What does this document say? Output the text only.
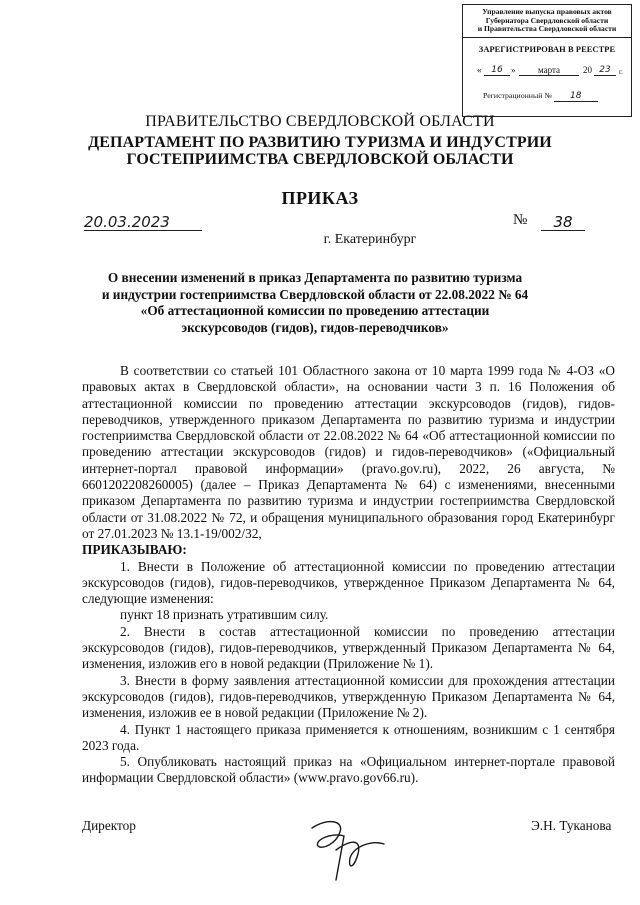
Управление выпуска правовых актов
Губернатора Свердловской области
и Правительства Свердловской области
ЗАРЕГИСТРИРОВАН В РЕЕСТРЕ
«	16 »	марта	20 23	г.
Регистрационный № 18
ПРАВИТЕЛЬСТВО СВЕРДЛОВСКОЙ ОБЛАСТИ
ДЕПАРТАМЕНТ ПО РАЗВИТИЮ ТУРИЗМА И ИНДУСТРИИ
ГОСТЕПРИИМСТВА СВЕРДЛОВСКОЙ ОБЛАСТИ
ПРИКАЗ
20.03.2023	№	38
г. Екатеринбург
О внесении изменений в приказ Департамента по развитию туризма
и индустрии гостеприимства Свердловской области от 22.08.2022 № 64
«Об аттестационной комиссии по проведению аттестации
экскурсоводов (гидов), гидов-переводчиков»

В соответствии со статьей 101 Областного закона от 10 марта 1999 года № 4-ОЗ «О правовых актах в Свердловской области», на основании части 3 п. 16 Положения об аттестационной комиссии по проведению аттестации экскурсоводов (гидов), гидов-переводчиков, утвержденного приказом Департамента по развитию туризма и индустрии гостеприимства Свердловской области от 22.08.2022 № 64 «Об аттестационной комиссии по проведению аттестации экскурсоводов (гидов) и гидов-переводчиков» («Официальный интернет-портал правовой информации» (pravo.gov.ru), 2022, 26 августа, № 6601202208260005) (далее – Приказ Департамента № 64) с изменениями, внесенными приказом Департамента по развитию туризма и индустрии гостеприимства Свердловской области от 31.08.2022 № 72, и обращения муниципального образования город Екатеринбург от 27.01.2023 № 13.1-19/002/32,

ПРИКАЗЫВАЮ:

1. Внести в Положение об аттестационной комиссии по проведению аттестации экскурсоводов (гидов), гидов-переводчиков, утвержденное Приказом Департамента № 64, следующие изменения:

пункт 18 признать утратившим силу.

2. Внести в состав аттестационной комиссии по проведению аттестации экскурсоводов (гидов), гидов-переводчиков, утвержденный Приказом Департамента № 64, изменения, изложив его в новой редакции (Приложение № 1).

3. Внести в форму заявления аттестационной комиссии для прохождения аттестации экскурсоводов (гидов), гидов-переводчиков, утвержденную Приказом Департамента № 64, изменения, изложив ее в новой редакции (Приложение № 2).

4. Пункт 1 настоящего приказа применяется к отношениям, возникшим с 1 сентября 2023 года.

5. Опубликовать настоящий приказ на «Официальном интернет-портале правовой информации Свердловской области» (www.pravo.gov66.ru).

Директор	Э.Н. Туканова
